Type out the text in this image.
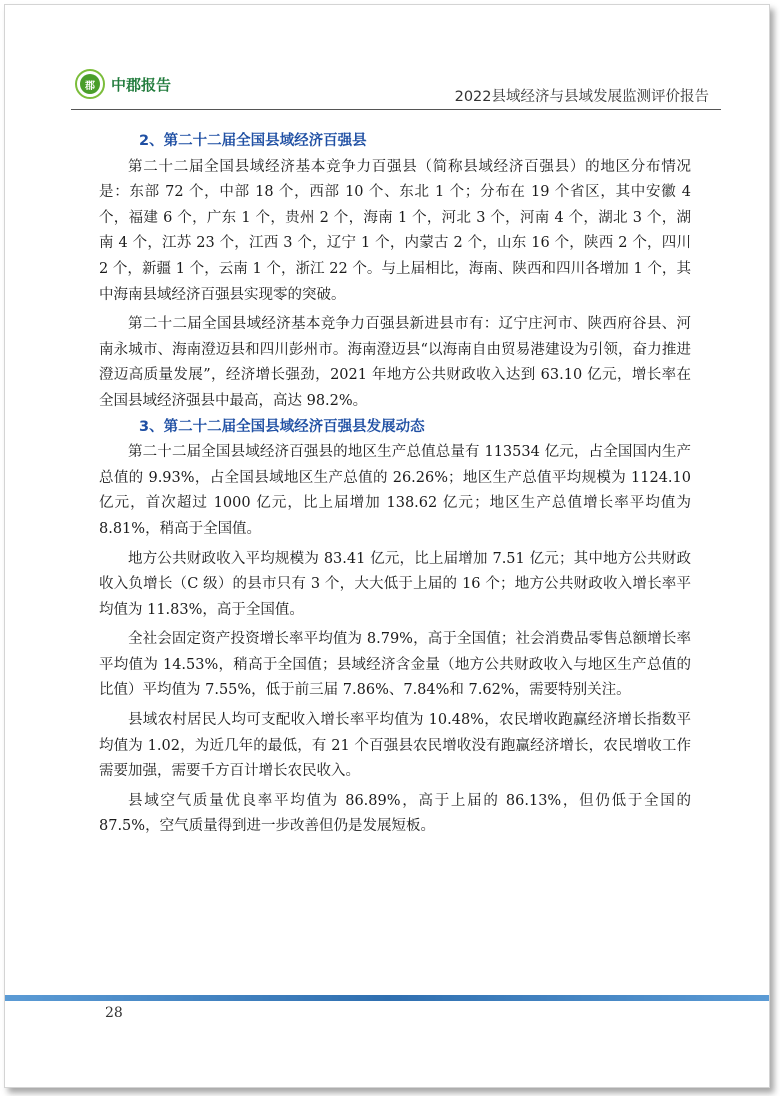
郡	中郡报告
2022县域经济与县域发展监测评价报告
2、第二十二届全国县域经济百强县

第二十二届全国县域经济基本竞争力百强县（简称县域经济百强县）的地区分布情况是：东部 72 个，中部 18 个，西部 10 个、东北 1 个；分布在 19 个省区，其中安徽 4 个，福建 6 个，广东 1 个，贵州 2 个，海南 1 个，河北 3 个，河南 4 个，湖北 3 个，湖南 4 个，江苏 23 个，江西 3 个，辽宁 1 个，内蒙古 2 个，山东 16 个，陕西 2 个，四川 2 个，新疆 1 个，云南 1 个，浙江 22 个。与上届相比，海南、陕西和四川各增加 1 个，其中海南县域经济百强县实现零的突破。

第二十二届全国县域经济基本竞争力百强县新进县市有：辽宁庄河市、陕西府谷县、河南永城市、海南澄迈县和四川彭州市。海南澄迈县“以海南自由贸易港建设为引领，奋力推进澄迈高质量发展”，经济增长强劲，2021 年地方公共财政收入达到 63.10 亿元，增长率在全国县域经济强县中最高，高达 98.2%。

3、第二十二届全国县域经济百强县发展动态

第二十二届全国县域经济百强县的地区生产总值总量有 113534 亿元，占全国国内生产总值的 9.93%，占全国县域地区生产总值的 26.26%；地区生产总值平均规模为 1124.10 亿元，首次超过 1000 亿元，比上届增加 138.62 亿元；地区生产总值增长率平均值为 8.81%，稍高于全国值。

地方公共财政收入平均规模为 83.41 亿元，比上届增加 7.51 亿元；其中地方公共财政收入负增长（C 级）的县市只有 3 个，大大低于上届的 16 个；地方公共财政收入增长率平均值为 11.83%，高于全国值。

全社会固定资产投资增长率平均值为 8.79%，高于全国值；社会消费品零售总额增长率平均值为 14.53%，稍高于全国值；县域经济含金量（地方公共财政收入与地区生产总值的比值）平均值为 7.55%，低于前三届 7.86%、7.84%和 7.62%，需要特别关注。

县域农村居民人均可支配收入增长率平均值为 10.48%，农民增收跑赢经济增长指数平均值为 1.02，为近几年的最低，有 21 个百强县农民增收没有跑赢经济增长，农民增收工作需要加强，需要千方百计增长农民收入。

县域空气质量优良率平均值为 86.89%，高于上届的 86.13%，但仍低于全国的 87.5%，空气质量得到进一步改善但仍是发展短板。

28
